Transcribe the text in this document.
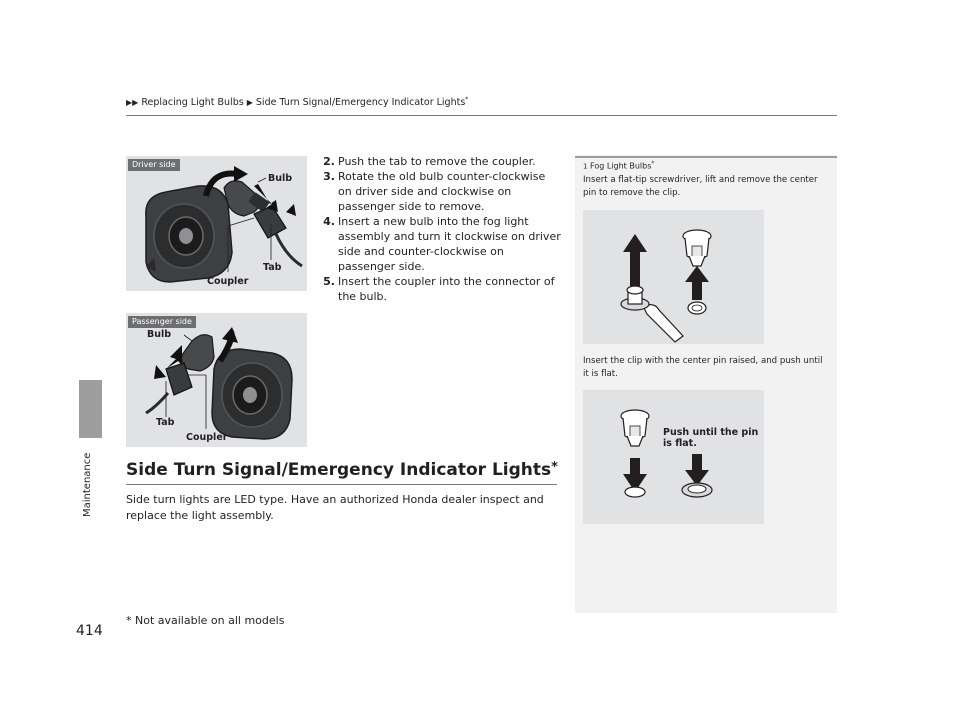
▶▶ Replacing Light Bulbs ▶ Side Turn Signal/Emergency Indicator Lights*
Maintenance
Driver side
Bulb
Tab
Coupler
Passenger side
Bulb
Tab
Coupler
2. Push the tab to remove the coupler.
3. Rotate the old bulb counter-clockwise on driver side and clockwise on passenger side to remove.
4. Insert a new bulb into the fog light assembly and turn it clockwise on driver side and counter-clockwise on passenger side.
5. Insert the coupler into the connector of the bulb.
Side Turn Signal/Emergency Indicator Lights*
Side turn lights are LED type. Have an authorized Honda dealer inspect and replace the light assembly.
1 Fog Light Bulbs*
Insert a flat-tip screwdriver, lift and remove the center pin to remove the clip.
Insert the clip with the center pin raised, and push until it is flat.
Push until the pin is flat.
414
* Not available on all models
